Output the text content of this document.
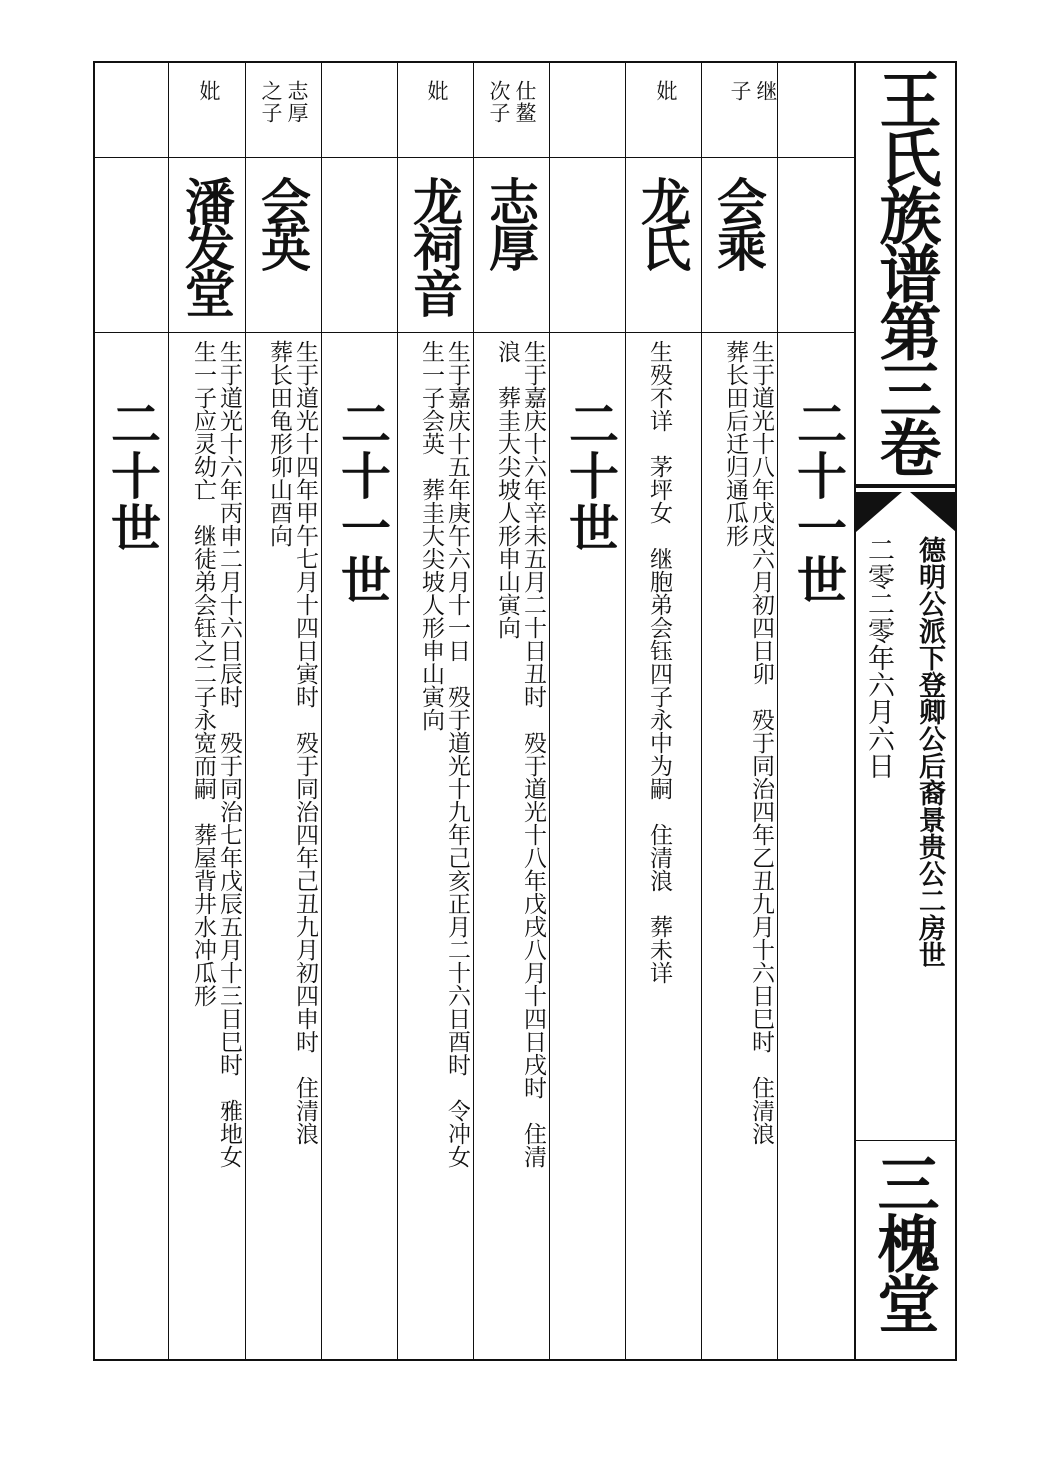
王氏族谱第三卷
德明公派下登卿公后裔景贵公二房世
二零二零年六月六日
三槐堂
继
子
会乘
生于道光十八年戊戌六月初四日卯　殁于同治四年乙丑九月十六日巳时　住清浪
葬长田后迁归通瓜形
妣
龙氏

生殁不详　茅坪女　继胞弟会钰四子永中为嗣　住清浪　葬未详
仕鳌
次子
志厚
生于嘉庆十六年辛未五月二十日丑时　殁于道光十八年戊戌八月十四日戌时　住清
浪　葬圭大尖坡人形申山寅向
妣
龙祠音
生于嘉庆十五年庚午六月十一日　殁于道光十九年己亥正月二十六日酉时　令冲女
生一子会英　葬圭大尖坡人形申山寅向
志厚
之子
会英
生于道光十四年甲午七月十四日寅时　殁于同治四年己丑九月初四申时　住清浪
葬长田龟形卯山酉向
妣
潘发堂
生于道光十六年丙申二月十六日辰时　殁于同治七年戊辰五月十三日巳时　雅地女
生一子应灵幼亡　继徒弟会钰之二子永宽而嗣　葬屋背井水冲瓜形
二十一世
二十世
二十一世
二十世
